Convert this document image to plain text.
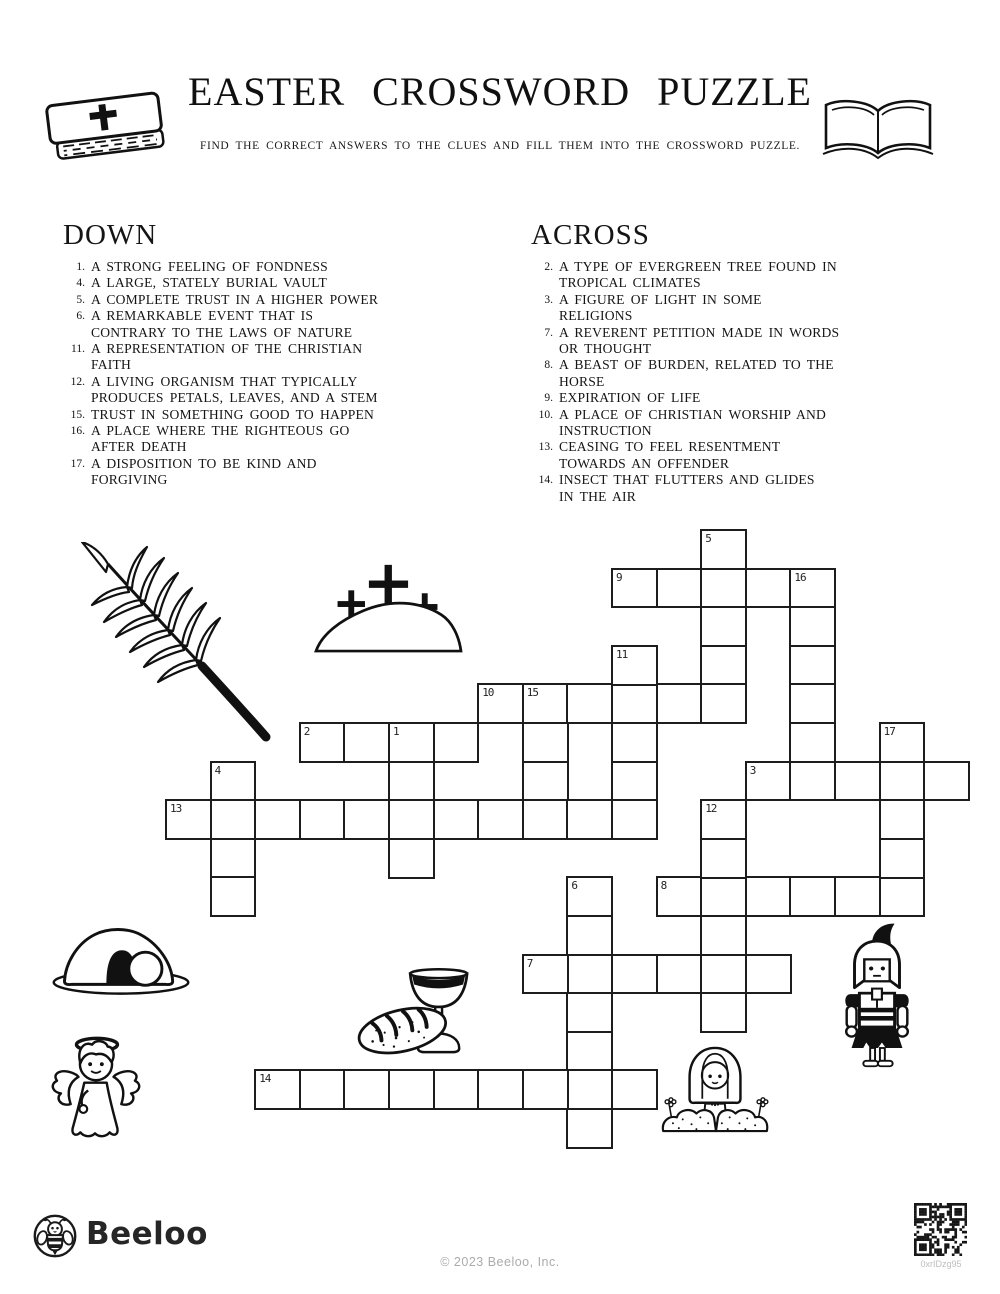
EASTER CROSSWORD PUZZLE
FIND THE CORRECT ANSWERS TO THE CLUES AND FILL THEM INTO THE CROSSWORD PUZZLE.
DOWN
1. A STRONG FEELING OF FONDNESS
4. A LARGE, STATELY BURIAL VAULT
5. A COMPLETE TRUST IN A HIGHER POWER
6. A REMARKABLE EVENT THAT IS
CONTRARY TO THE LAWS OF NATURE
11. A REPRESENTATION OF THE CHRISTIAN
FAITH
12. A LIVING ORGANISM THAT TYPICALLY
PRODUCES PETALS, LEAVES, AND A STEM
15. TRUST IN SOMETHING GOOD TO HAPPEN
16. A PLACE WHERE THE RIGHTEOUS GO
AFTER DEATH
17. A DISPOSITION TO BE KIND AND
FORGIVING
ACROSS
2. A TYPE OF EVERGREEN TREE FOUND IN
TROPICAL CLIMATES
3. A FIGURE OF LIGHT IN SOME
RELIGIONS
7. A REVERENT PETITION MADE IN WORDS
OR THOUGHT
8. A BEAST OF BURDEN, RELATED TO THE
HORSE
9. EXPIRATION OF LIFE
10. A PLACE OF CHRISTIAN WORSHIP AND
INSTRUCTION
13. CEASING TO FEEL RESENTMENT
TOWARDS AN OFFENDER
14. INSECT THAT FLUTTERS AND GLIDES
IN THE AIR
1
2
3
4
5
6
7
8
9	16
10	15
11
12
13
14
17
Beeloo
© 2023 Beeloo, Inc.	0xrIDzg95
